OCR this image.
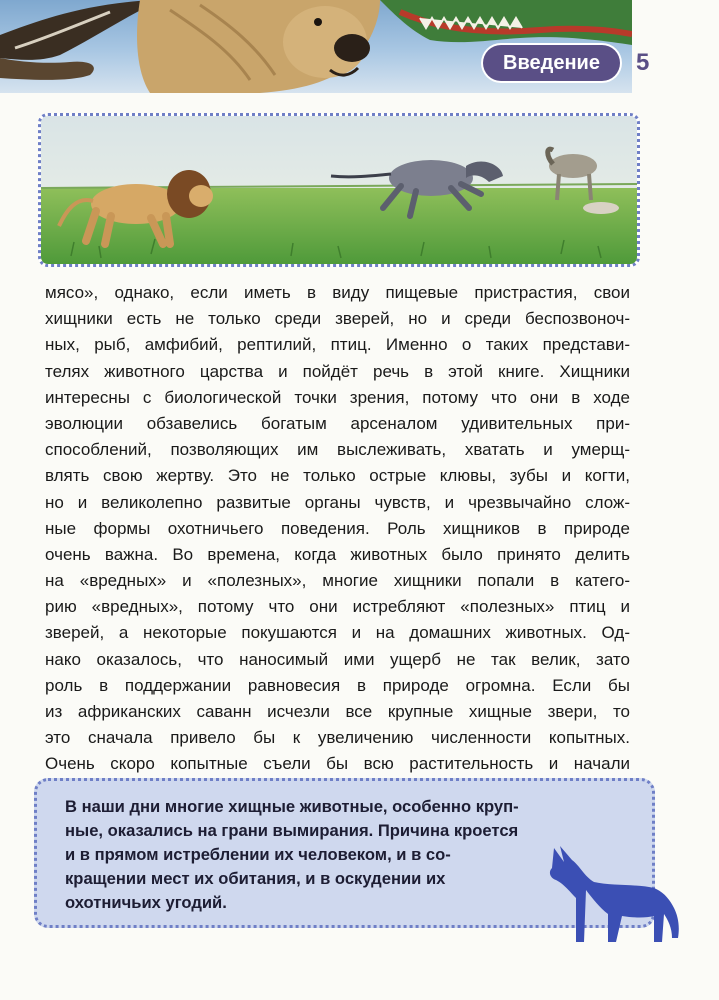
Введение	5
мясо», однако, если иметь в виду пищевые пристрастия, свои
хищники есть не только среди зверей, но и среди беспозвоноч-
ных, рыб, амфибий, рептилий, птиц. Именно о таких представи-
телях животного царства и пойдёт речь в этой книге. Хищники
интересны с биологической точки зрения, потому что они в ходе
эволюции обзавелись богатым арсеналом удивительных при-
способлений, позволяющих им выслеживать, хватать и умерщ-
влять свою жертву. Это не только острые клювы, зубы и когти,
но и великолепно развитые органы чувств, и чрезвычайно слож-
ные формы охотничьего поведения. Роль хищников в природе
очень важна. Во времена, когда животных было принято делить
на «вредных» и «полезных», многие хищники попали в катего-
рию «вредных», потому что они истребляют «полезных» птиц и
зверей, а некоторые покушаются и на домашних животных. Од-
нако оказалось, что наносимый ими ущерб не так велик, зато
роль в поддержании равновесия в природе огромна. Если бы
из африканских саванн исчезли все крупные хищные звери, то
это сначала привело бы к увеличению численности копытных.
Очень скоро копытные съели бы всю растительность и начали
В наши дни многие хищные животные, особенно круп-
ные, оказались на грани вымирания. Причина кроется
и в прямом истреблении их человеком, и в со-
кращении мест их обитания, и в оскудении их
охотничьих угодий.
